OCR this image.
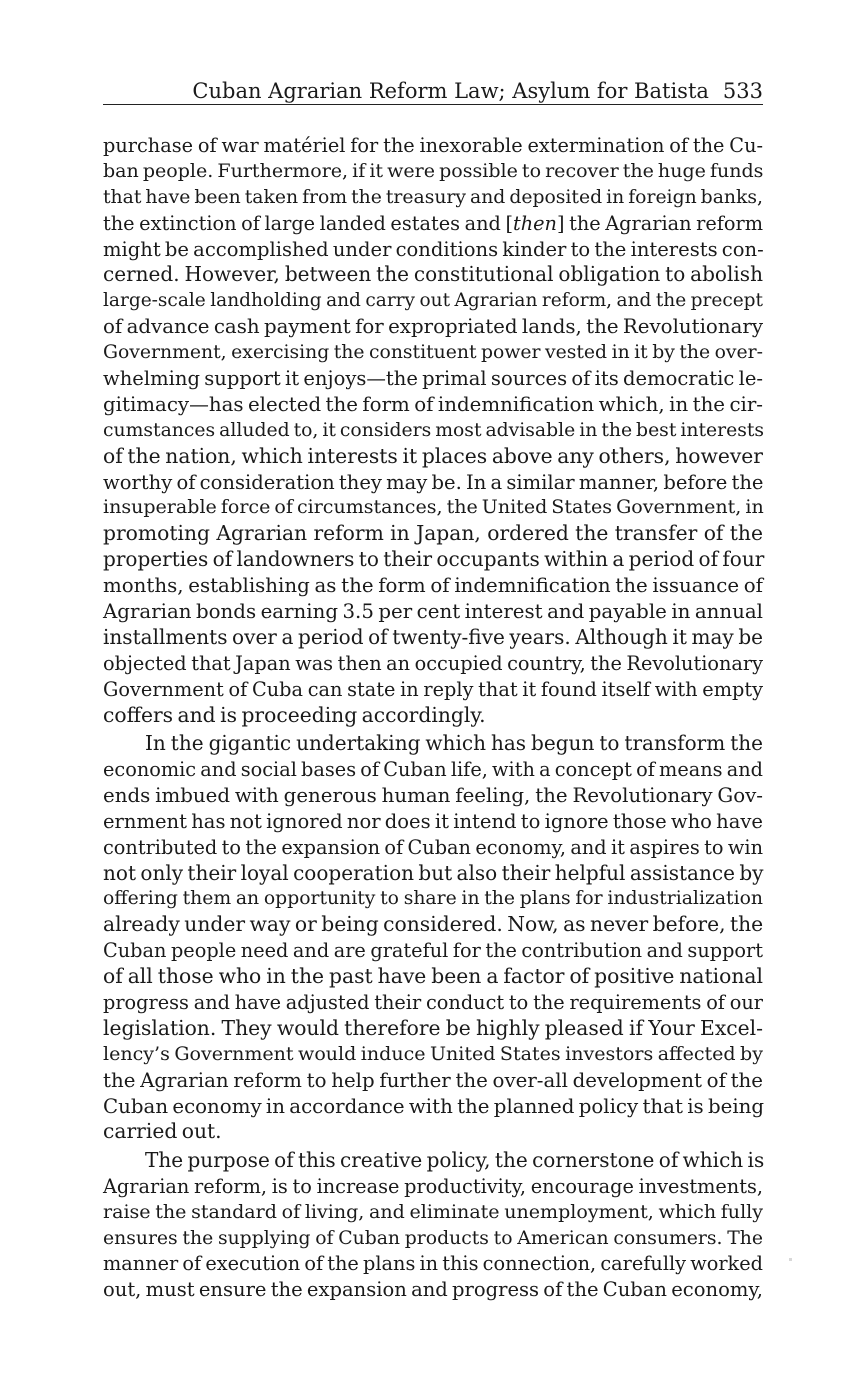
Cuban Agrarian Reform Law; Asylum for Batista 533
purchase of war matériel for the inexorable extermination of the Cu-
ban people. Furthermore, if it were possible to recover the huge funds
that have been taken from the treasury and deposited in foreign banks,
the extinction of large landed estates and [then] the Agrarian reform
might be accomplished under conditions kinder to the interests con-
cerned. However, between the constitutional obligation to abolish
large-scale landholding and carry out Agrarian reform, and the precept
of advance cash payment for expropriated lands, the Revolutionary
Government, exercising the constituent power vested in it by the over-
whelming support it enjoys—the primal sources of its democratic le-
gitimacy—has elected the form of indemnification which, in the cir-
cumstances alluded to, it considers most advisable in the best interests
of the nation, which interests it places above any others, however
worthy of consideration they may be. In a similar manner, before the
insuperable force of circumstances, the United States Government, in
promoting Agrarian reform in Japan, ordered the transfer of the
properties of landowners to their occupants within a period of four
months, establishing as the form of indemnification the issuance of
Agrarian bonds earning 3.5 per cent interest and payable in annual
installments over a period of twenty-five years. Although it may be
objected that Japan was then an occupied country, the Revolutionary
Government of Cuba can state in reply that it found itself with empty
coffers and is proceeding accordingly.
In the gigantic undertaking which has begun to transform the
economic and social bases of Cuban life, with a concept of means and
ends imbued with generous human feeling, the Revolutionary Gov-
ernment has not ignored nor does it intend to ignore those who have
contributed to the expansion of Cuban economy, and it aspires to win
not only their loyal cooperation but also their helpful assistance by
offering them an opportunity to share in the plans for industrialization
already under way or being considered. Now, as never before, the
Cuban people need and are grateful for the contribution and support
of all those who in the past have been a factor of positive national
progress and have adjusted their conduct to the requirements of our
legislation. They would therefore be highly pleased if Your Excel-
lency’s Government would induce United States investors affected by
the Agrarian reform to help further the over-all development of the
Cuban economy in accordance with the planned policy that is being
carried out.
The purpose of this creative policy, the cornerstone of which is
Agrarian reform, is to increase productivity, encourage investments,
raise the standard of living, and eliminate unemployment, which fully
ensures the supplying of Cuban products to American consumers. The
manner of execution of the plans in this connection, carefully worked
out, must ensure the expansion and progress of the Cuban economy,
